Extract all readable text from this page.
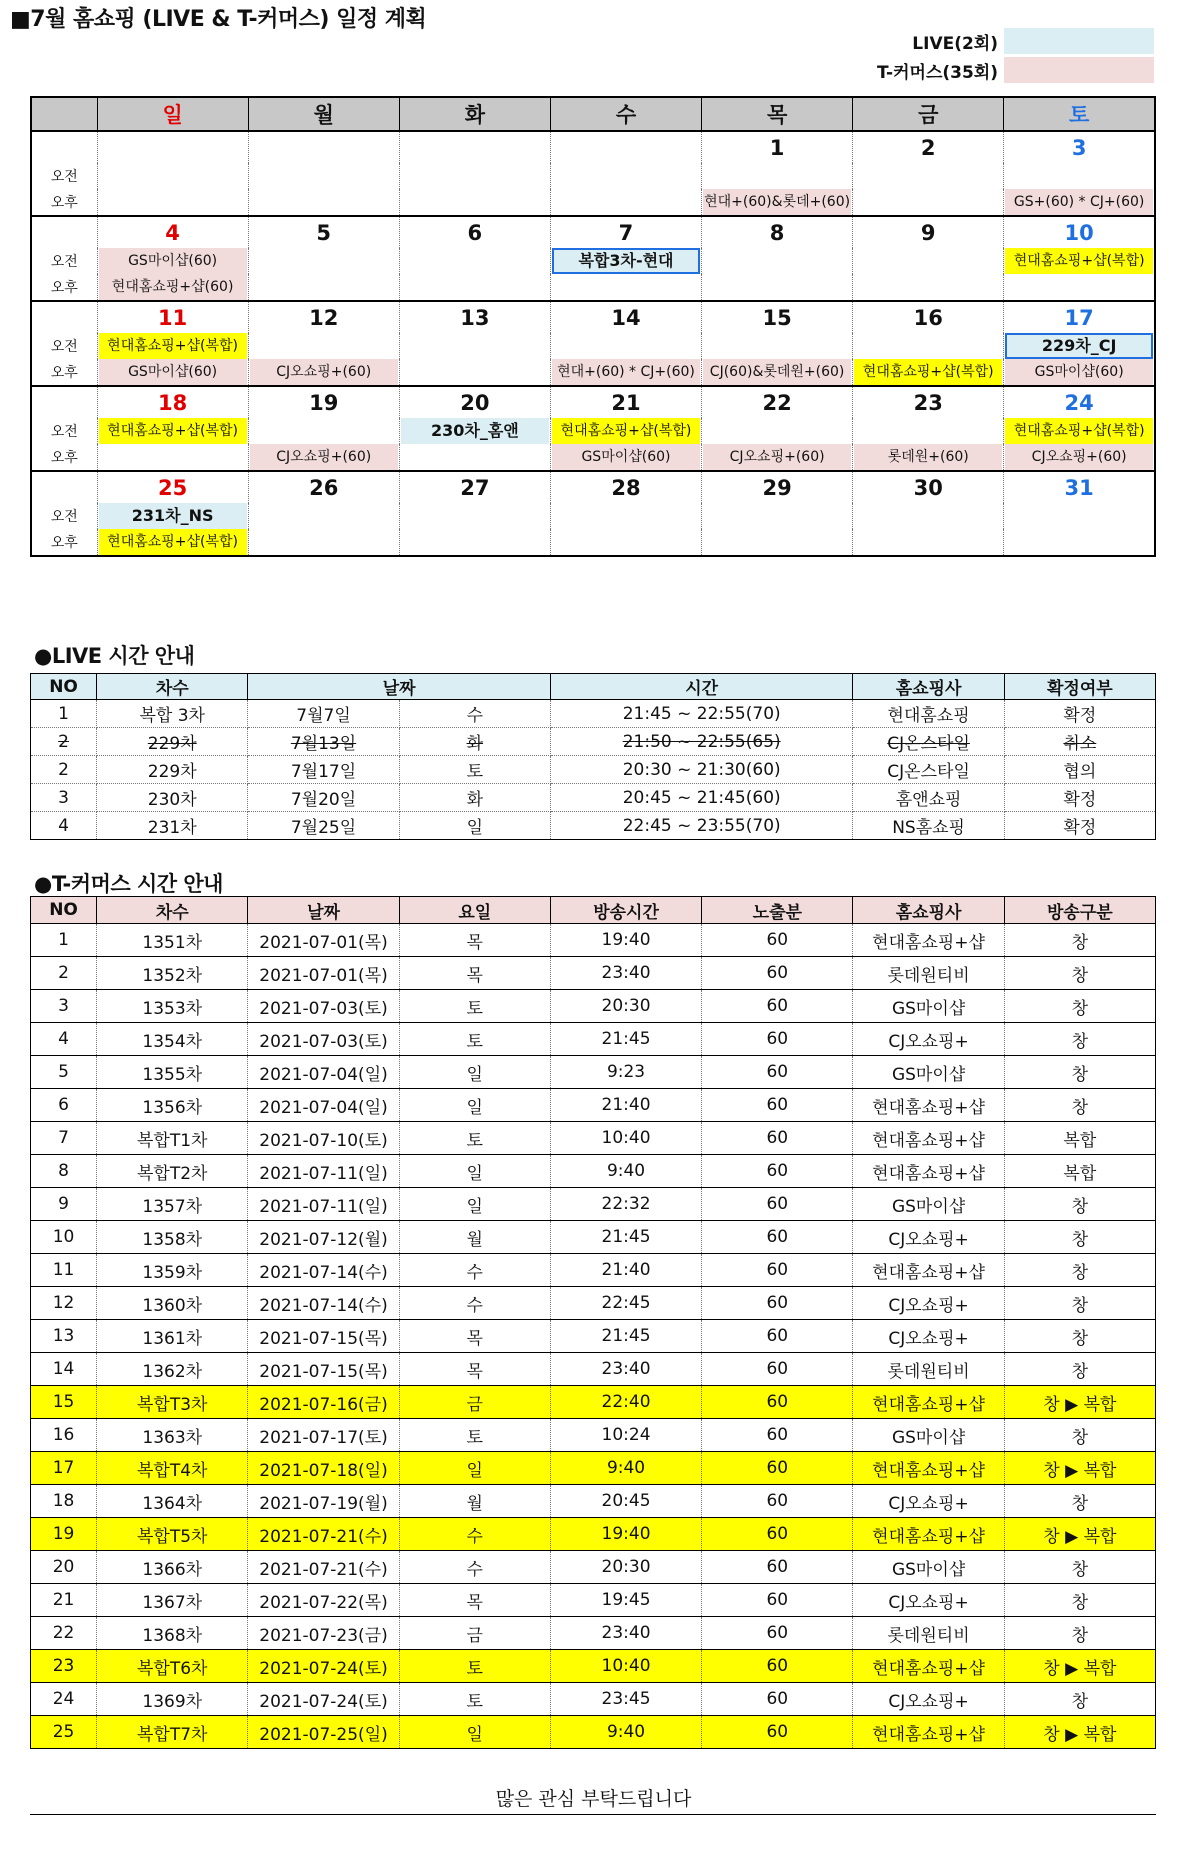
■7월 홈쇼핑 (LIVE & T-커머스) 일정 계획
LIVE(2회)
T-커머스(35회)
	일	월	화	수	목	금	토
					1	2	3
오전							
오후					현대+(60)&롯데+(60)		GS+(60) * CJ+(60)

	4	5	6	7	8	9	10
오전	GS마이샵(60)			복합3차-현대			현대홈쇼핑+샵(복합)

오후	현대홈쇼핑+샵(60)						

	11	12	13	14	15	16	17
오전	현대홈쇼핑+샵(복합)						229차_CJ

오후	GS마이샵(60)	CJ오쇼핑+(60)		현대+(60) * CJ+(60)	CJ(60)&롯데원+(60)	현대홈쇼핑+샵(복합)	GS마이샵(60)

	18	19	20	21	22	23	24
오전	현대홈쇼핑+샵(복합)		230차_홈앤	현대홈쇼핑+샵(복합)			현대홈쇼핑+샵(복합)

오후		CJ오쇼핑+(60)		GS마이샵(60)	CJ오쇼핑+(60)	롯데원+(60)	CJ오쇼핑+(60)

	25	26	27	28	29	30	31
오전	231차_NS						

오후	현대홈쇼핑+샵(복합)						

●LIVE 시간 안내
NO	차수	날짜		시간	홈쇼핑사	확정여부
1	복합 3차	7월7일	수	21:45 ~ 22:55(70)	현대홈쇼핑	확정
2	229차	7월13일	화	21:50 ~ 22:55(65)	CJ온스타일	취소
2	229차	7월17일	토	20:30 ~ 21:30(60)	CJ온스타일	협의
3	230차	7월20일	화	20:45 ~ 21:45(60)	홈앤쇼핑	확정
4	231차	7월25일	일	22:45 ~ 23:55(70)	NS홈쇼핑	확정
●T-커머스 시간 안내
NO	차수	날짜	요일	방송시간	노출분	홈쇼핑사	방송구분
1	1351차	2021-07-01(목)	목	19:40	60	현대홈쇼핑+샵	창
2	1352차	2021-07-01(목)	목	23:40	60	롯데원티비	창
3	1353차	2021-07-03(토)	토	20:30	60	GS마이샵	창
4	1354차	2021-07-03(토)	토	21:45	60	CJ오쇼핑+	창
5	1355차	2021-07-04(일)	일	9:23	60	GS마이샵	창
6	1356차	2021-07-04(일)	일	21:40	60	현대홈쇼핑+샵	창
7	복합T1차	2021-07-10(토)	토	10:40	60	현대홈쇼핑+샵	복합
8	복합T2차	2021-07-11(일)	일	9:40	60	현대홈쇼핑+샵	복합
9	1357차	2021-07-11(일)	일	22:32	60	GS마이샵	창
10	1358차	2021-07-12(월)	월	21:45	60	CJ오쇼핑+	창
11	1359차	2021-07-14(수)	수	21:40	60	현대홈쇼핑+샵	창
12	1360차	2021-07-14(수)	수	22:45	60	CJ오쇼핑+	창
13	1361차	2021-07-15(목)	목	21:45	60	CJ오쇼핑+	창
14	1362차	2021-07-15(목)	목	23:40	60	롯데원티비	창
15	복합T3차	2021-07-16(금)	금	22:40	60	현대홈쇼핑+샵	창 ▶ 복합
16	1363차	2021-07-17(토)	토	10:24	60	GS마이샵	창
17	복합T4차	2021-07-18(일)	일	9:40	60	현대홈쇼핑+샵	창 ▶ 복합
18	1364차	2021-07-19(월)	월	20:45	60	CJ오쇼핑+	창
19	복합T5차	2021-07-21(수)	수	19:40	60	현대홈쇼핑+샵	창 ▶ 복합
20	1366차	2021-07-21(수)	수	20:30	60	GS마이샵	창
21	1367차	2021-07-22(목)	목	19:45	60	CJ오쇼핑+	창
22	1368차	2021-07-23(금)	금	23:40	60	롯데원티비	창
23	복합T6차	2021-07-24(토)	토	10:40	60	현대홈쇼핑+샵	창 ▶ 복합
24	1369차	2021-07-24(토)	토	23:45	60	CJ오쇼핑+	창
25	복합T7차	2021-07-25(일)	일	9:40	60	현대홈쇼핑+샵	창 ▶ 복합
많은 관심 부탁드립니다
